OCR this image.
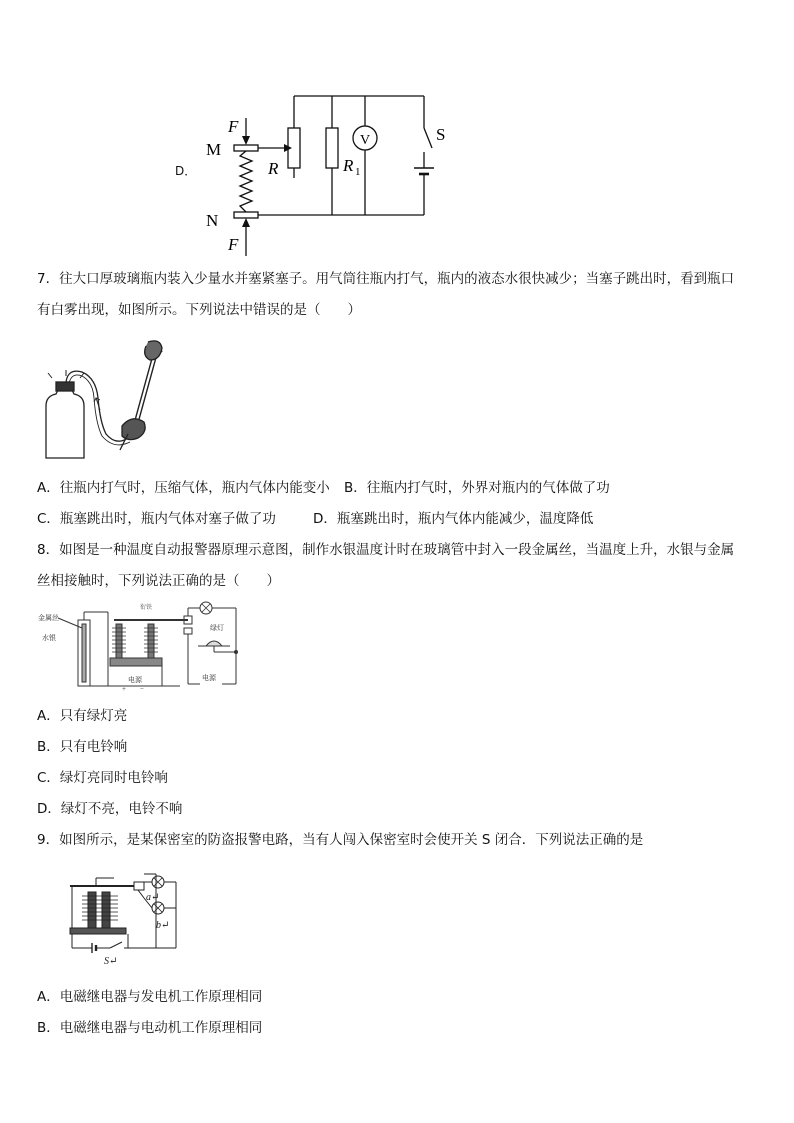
D．
F
M
R
N
F
R 1
V	S
7．往大口厚玻璃瓶内装入少量水并塞紧塞子。用气筒往瓶内打气，瓶内的液态水很快减少；当塞子跳出时，看到瓶口
有白雾出现，如图所示。下列说法中错误的是（　　）
A．往瓶内打气时，压缩气体，瓶内气体内能变小 B．往瓶内打气时，外界对瓶内的气体做了功
C．瓶塞跳出时，瓶内气体对塞子做了功	D．瓶塞跳出时，瓶内气体内能减少，温度降低
8．如图是一种温度自动报警器原理示意图，制作水银温度计时在玻璃管中封入一段金属丝，当温度上升，水银与金属
丝相接触时，下列说法正确的是（　　）
金属丝
水银
衔铁
绿灯
电源	电源
+ −
A．只有绿灯亮
B．只有电铃响
C．绿灯亮同时电铃响
D．绿灯不亮，电铃不响
9．如图所示，是某保密室的防盗报警电路，当有人闯入保密室时会使开关 S 闭合．下列说法正确的是
a↵
b↵
S↵
A．电磁继电器与发电机工作原理相同
B．电磁继电器与电动机工作原理相同
